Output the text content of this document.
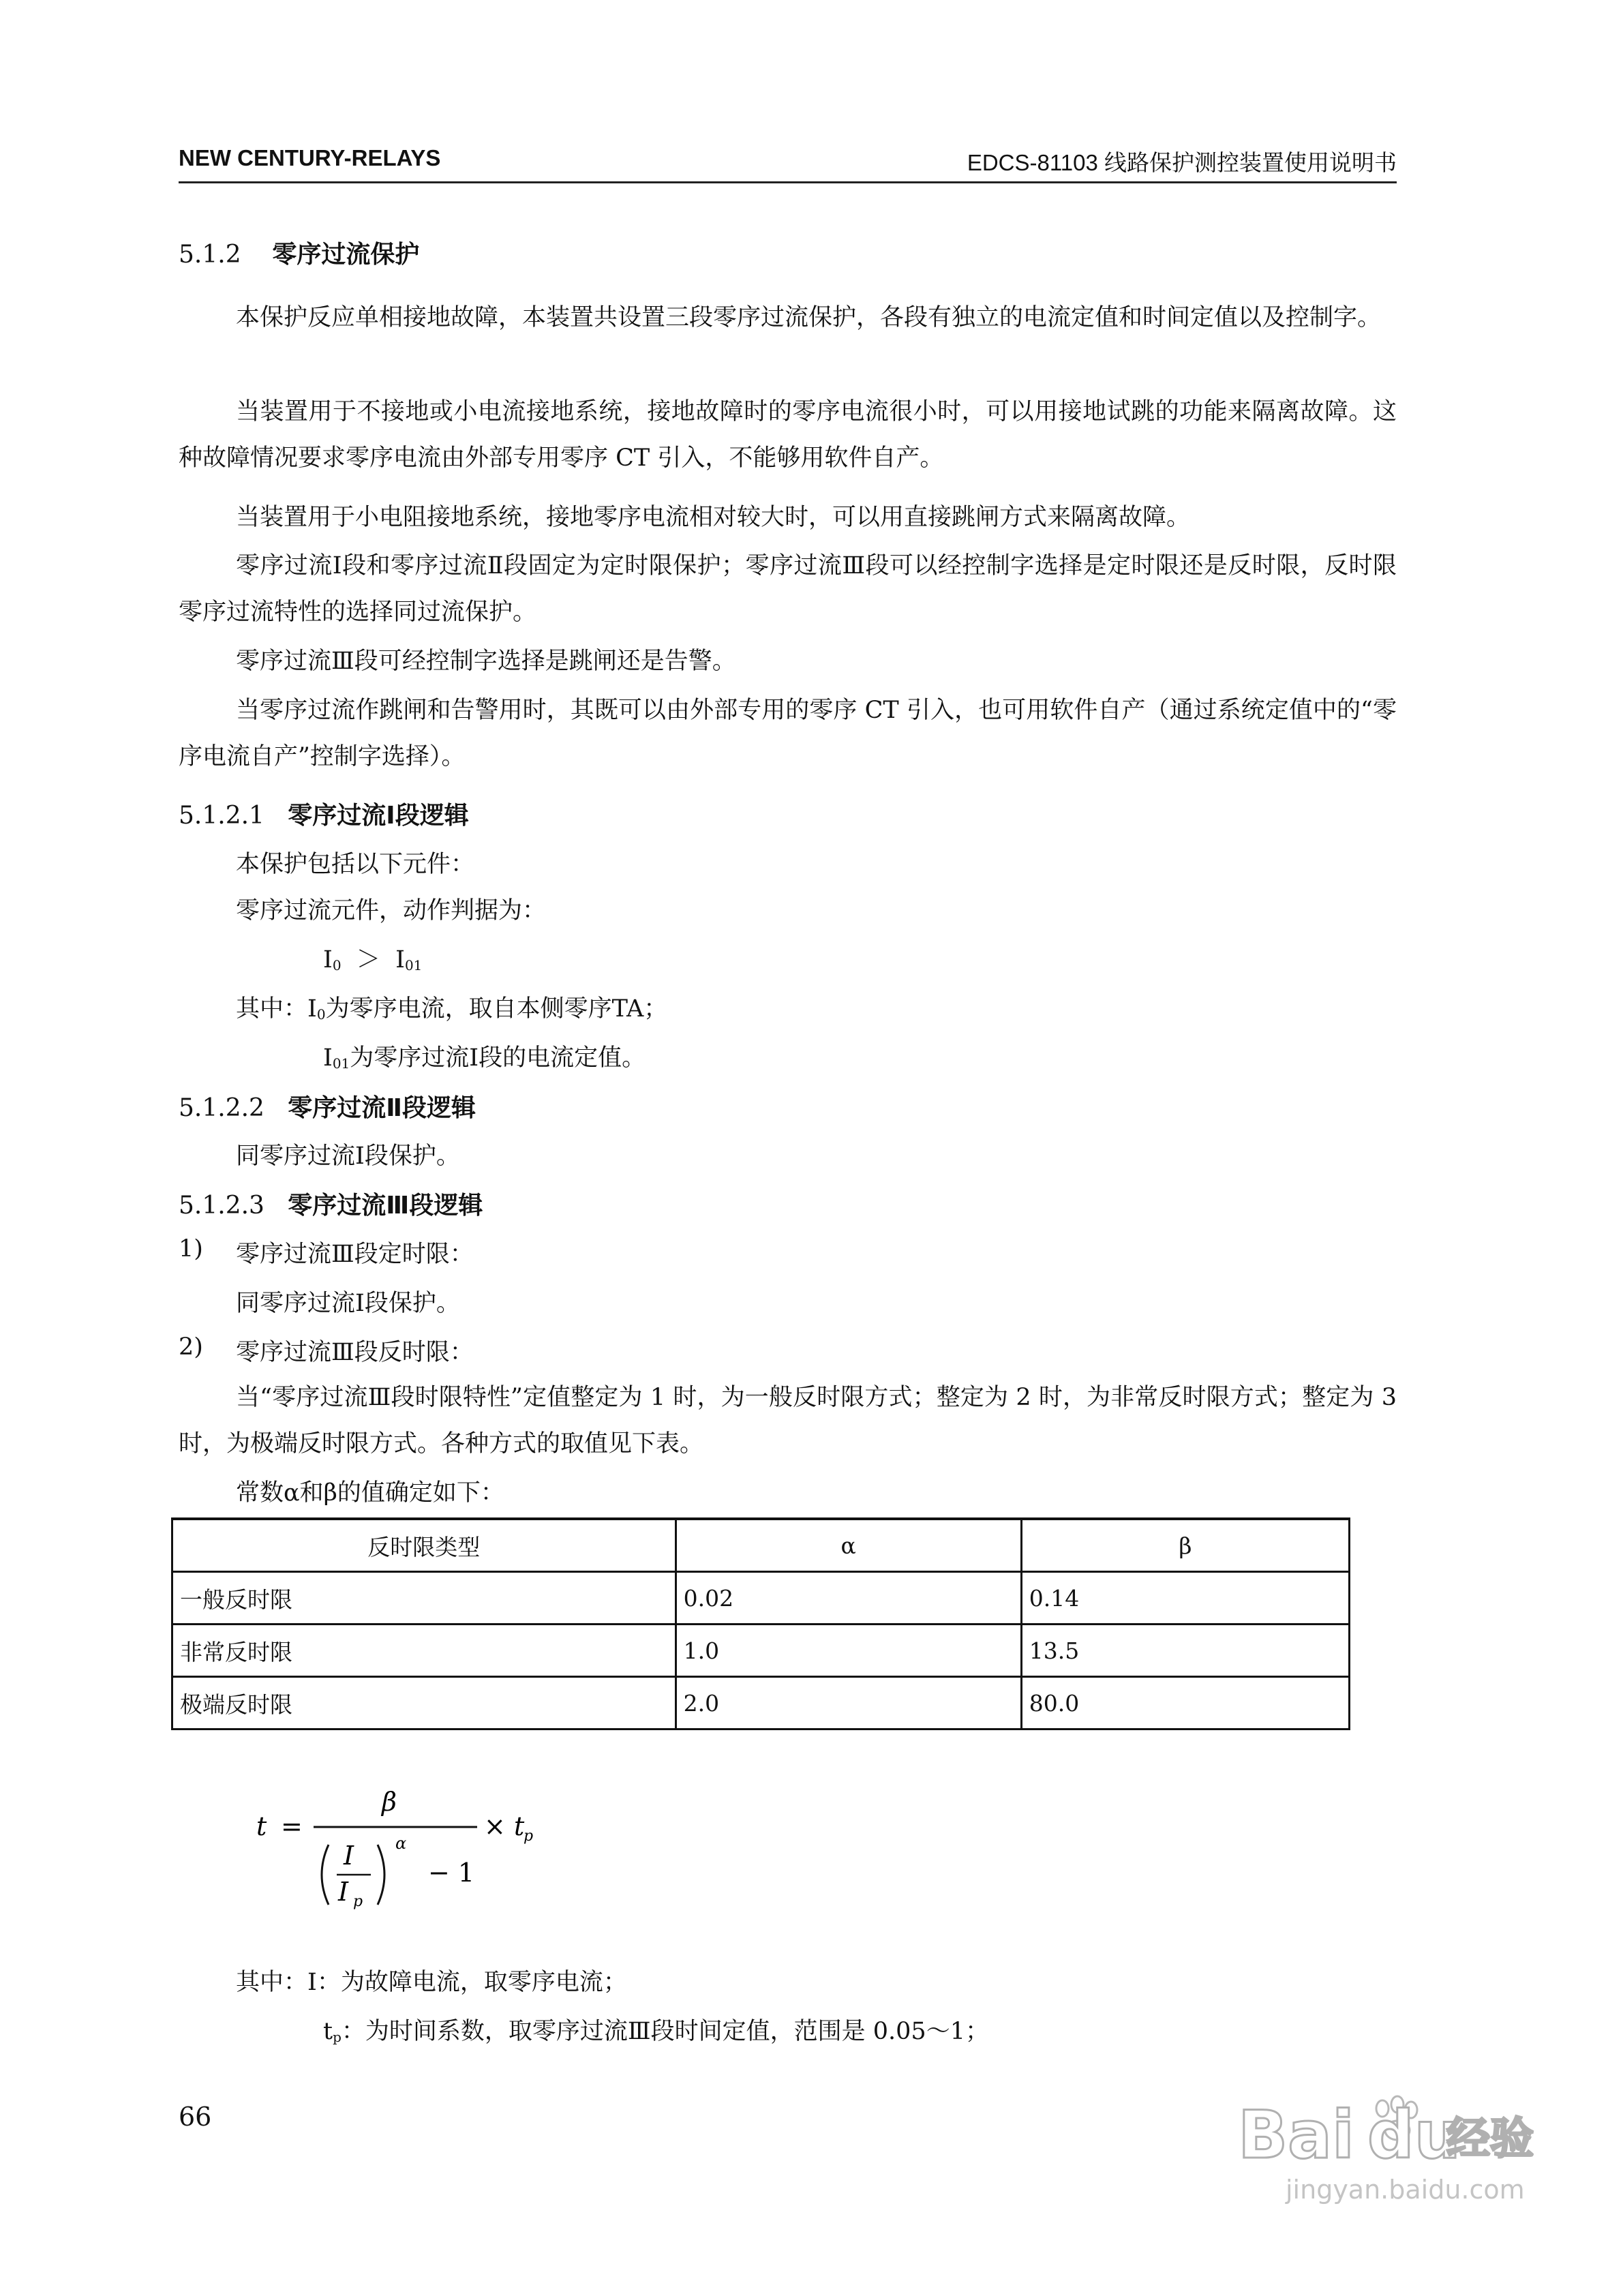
NEW CENTURY-RELAYS	EDCS-81103 线路保护测控装置使用说明书
5.1.2 零序过流保护
本保护反应单相接地故障，本装置共设置三段零序过流保护，各段有独立的电流定值和时间定值以及控制字。
当装置用于不接地或小电流接地系统，接地故障时的零序电流很小时，可以用接地试跳的功能来隔离故障。这种故障情况要求零序电流由外部专用零序 CT 引入，不能够用软件自产。
当装置用于小电阻接地系统，接地零序电流相对较大时，可以用直接跳闸方式来隔离故障。
零序过流Ⅰ段和零序过流Ⅱ段固定为定时限保护；零序过流Ⅲ段可以经控制字选择是定时限还是反时限，反时限零序过流特性的选择同过流保护。
零序过流Ⅲ段可经控制字选择是跳闸还是告警。
当零序过流作跳闸和告警用时，其既可以由外部专用的零序 CT 引入，也可用软件自产（通过系统定值中的“零序电流自产”控制字选择）。
5.1.2.1 零序过流Ⅰ段逻辑
本保护包括以下元件：
零序过流元件，动作判据为：
$I_0 > I_{01}$
其中：$I_0$为零序电流，取自本侧零序TA；
$I_{01}$为零序过流Ⅰ段的电流定值。
5.1.2.2 零序过流Ⅱ段逻辑
同零序过流Ⅰ段保护。
5.1.2.3 零序过流Ⅲ段逻辑
1) 零序过流Ⅲ段定时限：
同零序过流Ⅰ段保护。
2) 零序过流Ⅲ段反时限：
当“零序过流Ⅲ段时限特性”定值整定为 1 时，为一般反时限方式；整定为 2 时，为非常反时限方式；整定为 3 时，为极端反时限方式。各种方式的取值见下表。
常数α和β的值确定如下：
反时限类型	α	β
一般反时限	0.02	0.14
非常反时限	1.0	13.5
极端反时限	2.0	80.0
t =
β
I
I p
α
− 1
× t
p
其中：I：为故障电流，取零序电流；
$t_p$：为时间系数，取零序过流Ⅲ段时间定值，范围是 0.05～1；
66	Bai du
经验
jingyan.baidu.com
